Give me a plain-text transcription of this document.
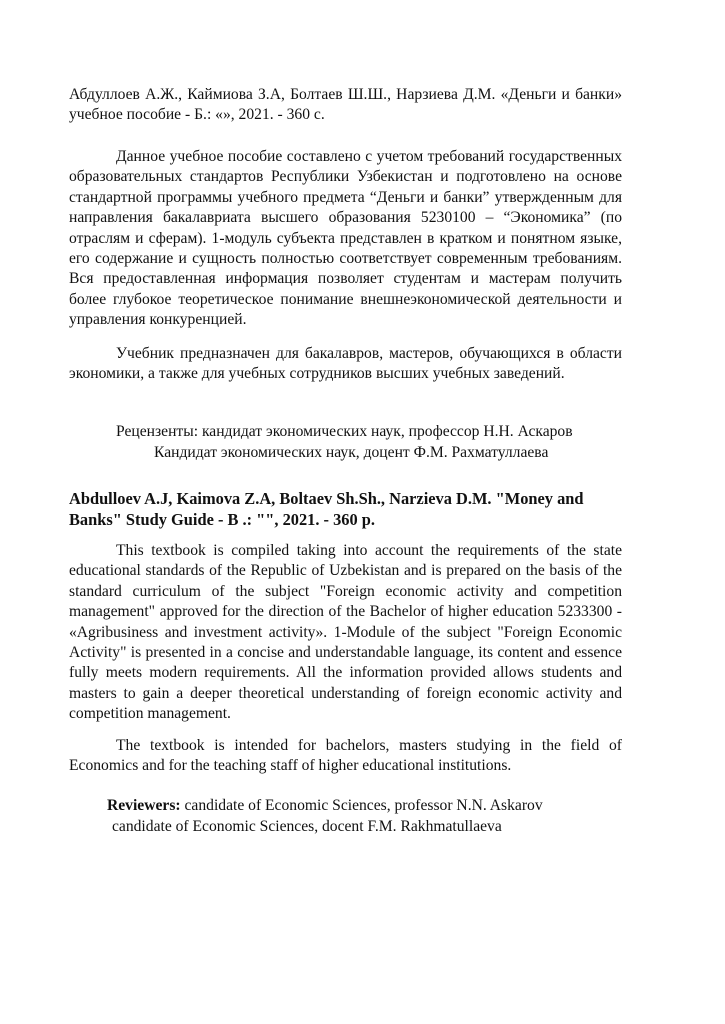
Абдуллоев А.Ж., Каймиова З.А, Болтаев Ш.Ш., Нарзиева Д.М. «Деньги и банки» учебное пособие - Б.: «», 2021. - 360 с.

Данное учебное пособие составлено с учетом требований государственных образовательных стандартов Республики Узбекистан и подготовлено на основе стандартной программы учебного предмета “Деньги и банки” утвержденным для направления бакалавриата высшего образования 5230100 – “Экономика” (по отраслям и сферам). 1-модуль субъекта представлен в кратком и понятном языке, его содержание и сущность полностью соответствует современным требованиям. Вся предоставленная информация позволяет студентам и мастерам получить более глубокое теоретическое понимание внешнеэкономической деятельности и управления конкуренцией.

Учебник предназначен для бакалавров, мастеров, обучающихся в области экономики, а также для учебных сотрудников высших учебных заведений.

Рецензенты: кандидат экономических наук, профессор Н.Н. Аскаров

Кандидат экономических наук, доцент Ф.М. Рахматуллаева

Abdulloev A.J, Kaimova Z.A, Boltaev Sh.Sh., Narzieva D.M. "Money and Banks" Study Guide - B .: "", 2021. - 360 p.

This textbook is compiled taking into account the requirements of the state educational standards of the Republic of Uzbekistan and is prepared on the basis of the standard curriculum of the subject "Foreign economic activity and competition management" approved for the direction of the Bachelor of higher education 5233300 - «Agribusiness and investment activity». 1-Module of the subject "Foreign Economic Activity" is presented in a concise and understandable language, its content and essence fully meets modern requirements. All the information provided allows students and masters to gain a deeper theoretical understanding of foreign economic activity and competition management.

The textbook is intended for bachelors, masters studying in the field of Economics and for the teaching staff of higher educational institutions.

Reviewers: candidate of Economic Sciences, professor N.N. Askarov

candidate of Economic Sciences, docent F.M. Rakhmatullaeva
